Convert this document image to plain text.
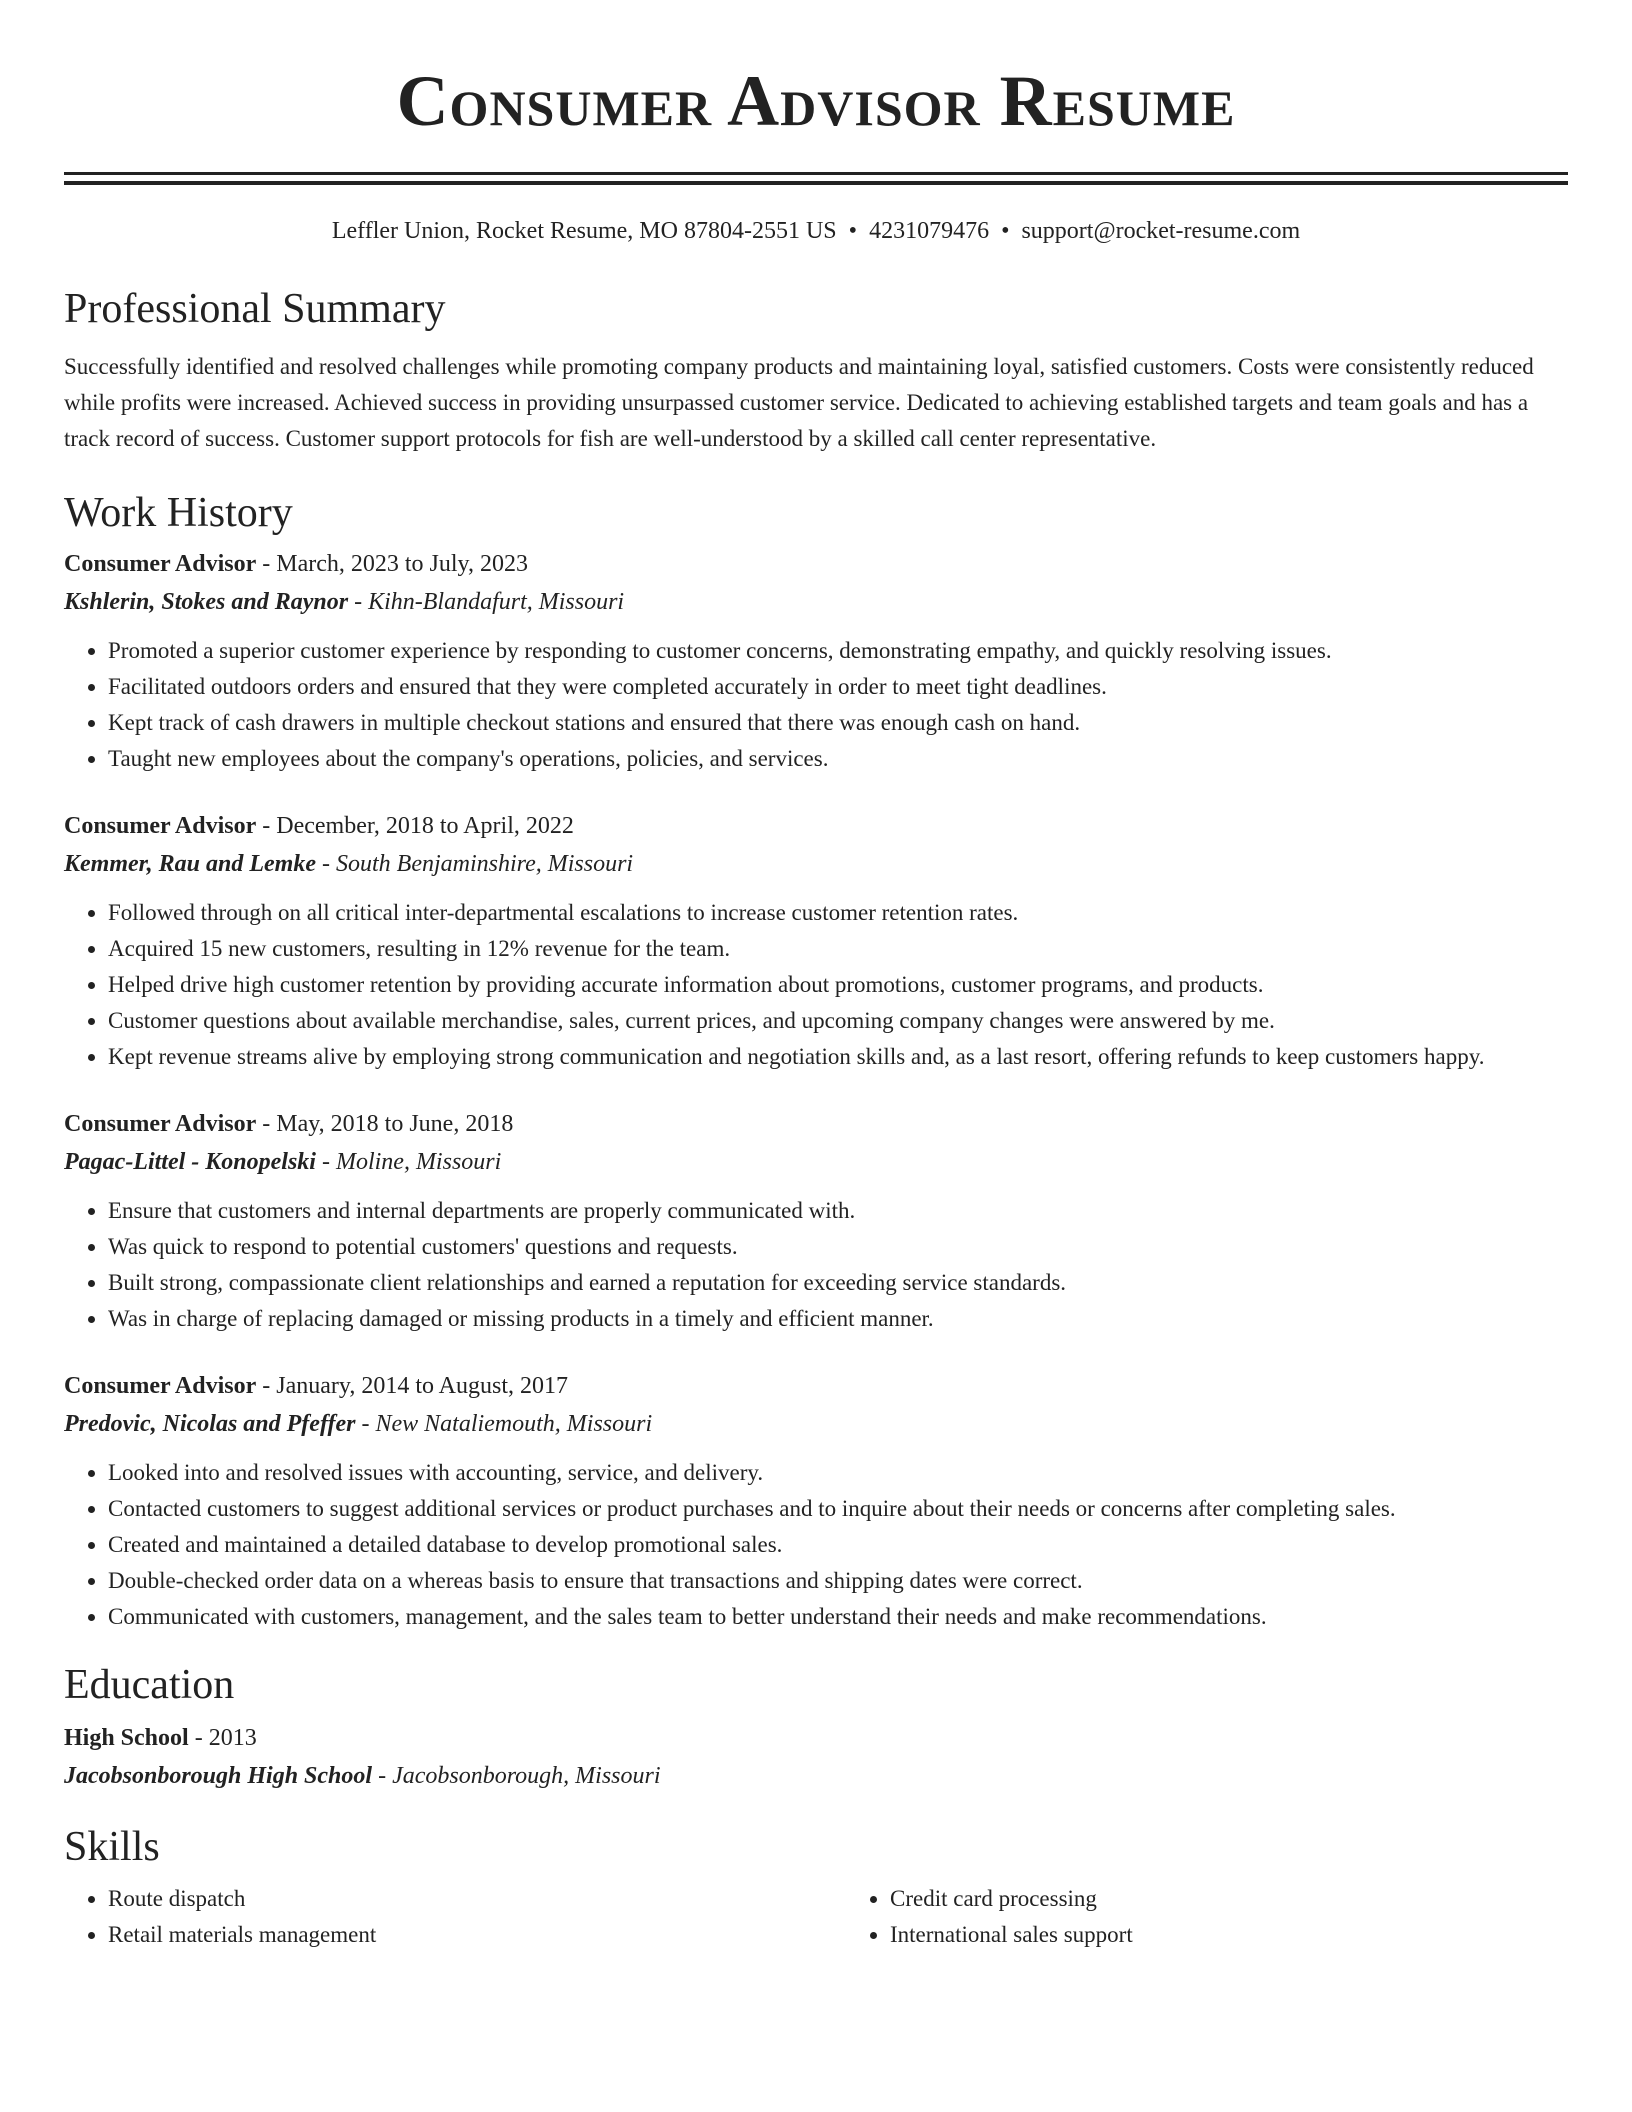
Consumer Advisor Resume
Leffler Union, Rocket Resume, MO 87804-2551 US • 4231079476 • support@rocket-resume.com
Professional Summary

Successfully identified and resolved challenges while promoting company products and maintaining loyal, satisfied customers. Costs were consistently reduced while profits were increased. Achieved success in providing unsurpassed customer service. Dedicated to achieving established targets and team goals and has a track record of success. Customer support protocols for fish are well-understood by a skilled call center representative.

Work History
Consumer Advisor - March, 2023 to July, 2023
Kshlerin, Stokes and Raynor - Kihn-Blandafurt, Missouri
• Promoted a superior customer experience by responding to customer concerns, demonstrating empathy, and quickly resolving issues.
• Facilitated outdoors orders and ensured that they were completed accurately in order to meet tight deadlines.
• Kept track of cash drawers in multiple checkout stations and ensured that there was enough cash on hand.
• Taught new employees about the company's operations, policies, and services.
Consumer Advisor - December, 2018 to April, 2022
Kemmer, Rau and Lemke - South Benjaminshire, Missouri
• Followed through on all critical inter-departmental escalations to increase customer retention rates.
• Acquired 15 new customers, resulting in 12% revenue for the team.
• Helped drive high customer retention by providing accurate information about promotions, customer programs, and products.
• Customer questions about available merchandise, sales, current prices, and upcoming company changes were answered by me.
• Kept revenue streams alive by employing strong communication and negotiation skills and, as a last resort, offering refunds to keep customers happy.
Consumer Advisor - May, 2018 to June, 2018
Pagac-Littel - Konopelski - Moline, Missouri
• Ensure that customers and internal departments are properly communicated with.
• Was quick to respond to potential customers' questions and requests.
• Built strong, compassionate client relationships and earned a reputation for exceeding service standards.
• Was in charge of replacing damaged or missing products in a timely and efficient manner.
Consumer Advisor - January, 2014 to August, 2017
Predovic, Nicolas and Pfeffer - New Nataliemouth, Missouri
• Looked into and resolved issues with accounting, service, and delivery.
• Contacted customers to suggest additional services or product purchases and to inquire about their needs or concerns after completing sales.
• Created and maintained a detailed database to develop promotional sales.
• Double-checked order data on a whereas basis to ensure that transactions and shipping dates were correct.
• Communicated with customers, management, and the sales team to better understand their needs and make recommendations.
Education
High School - 2013
Jacobsonborough High School - Jacobsonborough, Missouri
Skills
• Route dispatch
• Retail materials management
• Credit card processing
• International sales support
